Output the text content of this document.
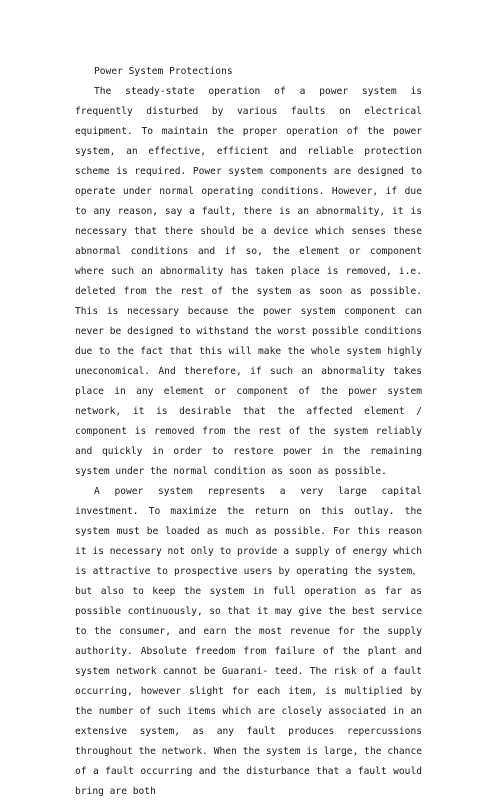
Power System Protections

The steady-state operation of a power system is frequently disturbed by various faults on electrical equipment. To maintain the proper operation of the power system, an effective, efficient and reliable protection scheme is required. Power system components are designed to operate under normal operating conditions. However, if due to any reason, say a fault, there is an abnormality, it is necessary that there should be a device which senses these abnormal conditions and if so, the element or component where such an abnormality has taken place is removed, i.e. deleted from the rest of the system as soon as possible. This is necessary because the power system component can never be designed to withstand the worst possible conditions due to the fact that this will make the whole system highly uneconomical. And therefore, if such an abnormality takes place in any element or component of the power system network, it is desirable that the affected element / component is removed from the rest of the system reliably and quickly in order to restore power in the remaining system under the normal condition as soon as possible.

A power system represents a very large capital investment. To maximize the return on this outlay. the system must be loaded as much as possible. For this reason it is necessary not only to provide a supply of energy which is attractive to prospective users by operating the system，but also to keep the system in full operation as far as possible continuously, so that it may give the best service to the consumer, and earn the most revenue for the supply authority. Absolute freedom from failure of the plant and system network cannot be Guarani- teed. The risk of a fault occurring, however slight for each item, is multiplied by the number of such items which are closely associated in an extensive system, as any fault produces repercussions throughout the network. When the system is large, the chance of a fault occurring and the disturbance that a fault would bring are both
